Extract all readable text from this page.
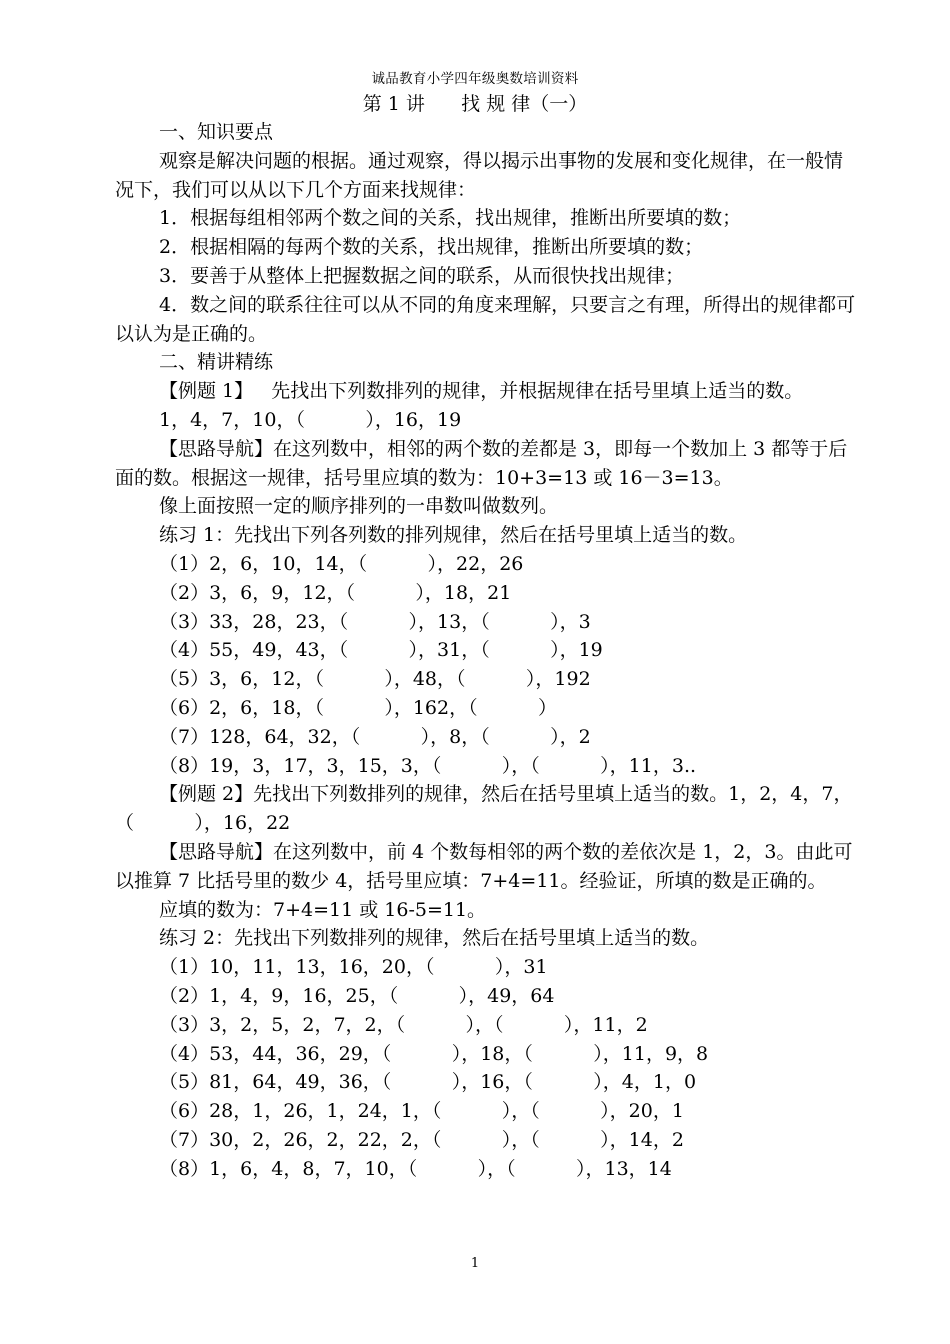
诚品教育小学四年级奥数培训资料
第 1 讲      找 规 律（一）

一、知识要点

观察是解决问题的根据。通过观察，得以揭示出事物的发展和变化规律，在一般情况下，我们可以从以下几个方面来找规律：

1．根据每组相邻两个数之间的关系，找出规律，推断出所要填的数；

2．根据相隔的每两个数的关系，找出规律，推断出所要填的数；

3．要善于从整体上把握数据之间的联系，从而很快找出规律；

4．数之间的联系往往可以从不同的角度来理解，只要言之有理，所得出的规律都可以认为是正确的。

二、精讲精练

【例题 1】   先找出下列数排列的规律，并根据规律在括号里填上适当的数。

1，4，7，10，（          ），16，19

【思路导航】在这列数中，相邻的两个数的差都是 3，即每一个数加上 3 都等于后面的数。根据这一规律，括号里应填的数为：10+3=13 或 16－3=13。

像上面按照一定的顺序排列的一串数叫做数列。

练习 1：先找出下列各列数的排列规律，然后在括号里填上适当的数。

（1）2，6，10，14，（          ），22，26

（2）3，6，9，12，（          ），18，21

（3）33，28，23，（          ），13，（          ），3

（4）55，49，43，（          ），31，（          ），19

（5）3，6，12，（          ），48，（          ），192

（6）2，6，18，（          ），162，（          ）

（7）128，64，32，（          ），8，（          ），2

（8）19，3，17，3，15，3，（          ），（          ），11，3..

【例题 2】先找出下列数排列的规律，然后在括号里填上适当的数。1，2，4，7，（          ），16，22

【思路导航】在这列数中，前 4 个数每相邻的两个数的差依次是 1，2，3。由此可以推算 7 比括号里的数少 4，括号里应填：7+4=11。经验证，所填的数是正确的。

应填的数为：7+4=11 或 16-5=11。

练习 2：先找出下列数排列的规律，然后在括号里填上适当的数。

（1）10，11，13，16，20，（          ），31

（2）1，4，9，16，25，（          ），49，64

（3）3，2，5，2，7，2，（          ），（          ），11，2

（4）53，44，36，29，（          ），18，（          ），11，9，8

（5）81，64，49，36，（          ），16，（          ），4，1，0

（6）28，1，26，1，24，1，（          ），（          ），20，1

（7）30，2，26，2，22，2，（          ），（          ），14，2

（8）1，6，4，8，7，10，（          ），（          ），13，14

1
